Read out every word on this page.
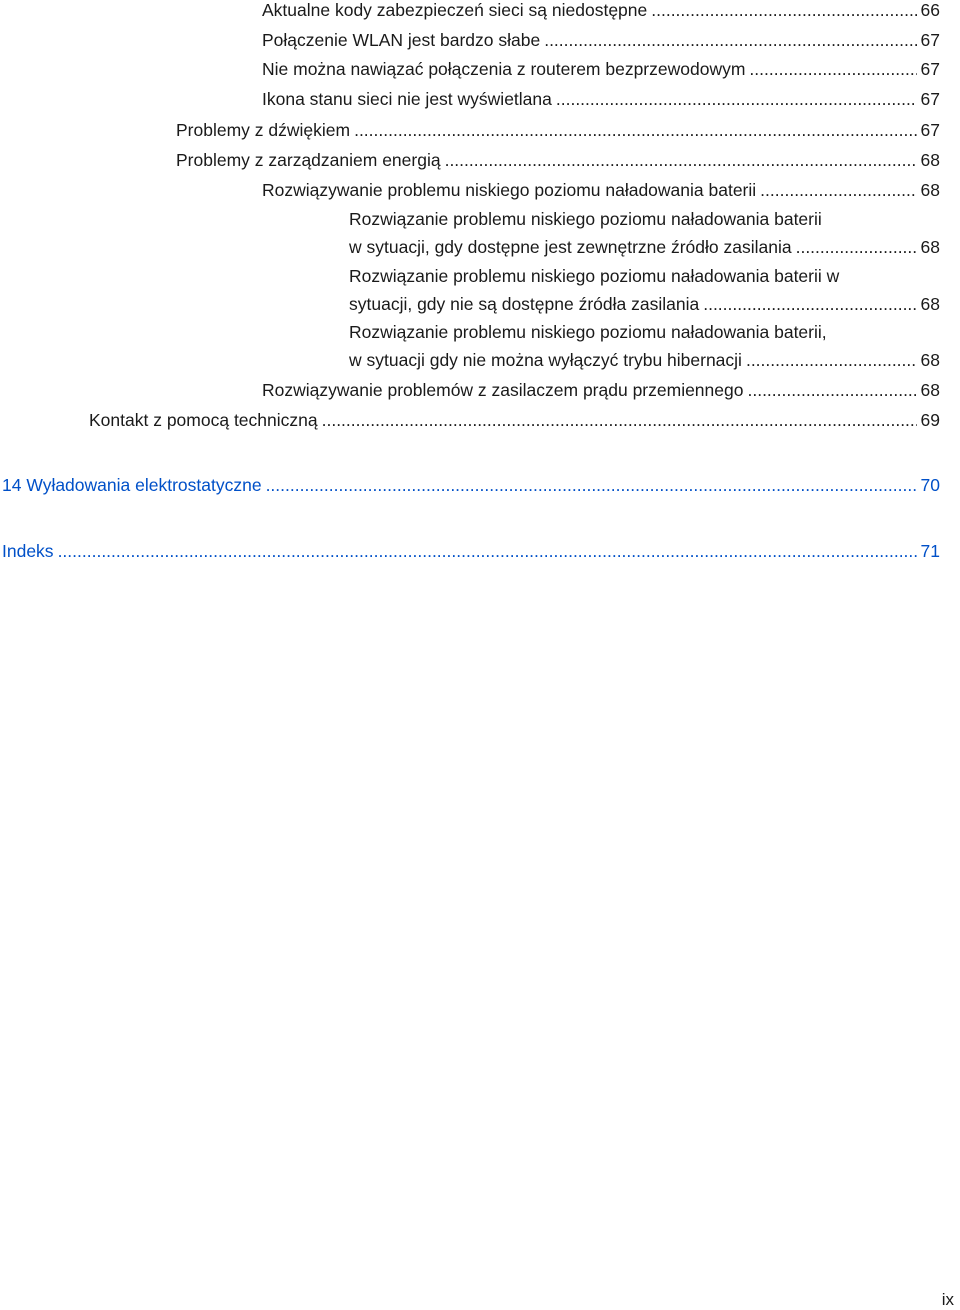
Aktualne kody zabezpieczeń sieci są niedostępne .....	66
Połączenie WLAN jest bardzo słabe .....	67
Nie można nawiązać połączenia z routerem bezprzewodowym .....	67
Ikona stanu sieci nie jest wyświetlana .....	67
Problemy z dźwiękiem .....	67
Problemy z zarządzaniem energią .....	68
Rozwiązywanie problemu niskiego poziomu naładowania baterii .....	68
Rozwiązanie problemu niskiego poziomu naładowania baterii
w sytuacji, gdy dostępne jest zewnętrzne źródło zasilania .....	68
Rozwiązanie problemu niskiego poziomu naładowania baterii w
sytuacji, gdy nie są dostępne źródła zasilania .....	68
Rozwiązanie problemu niskiego poziomu naładowania baterii,
w sytuacji gdy nie można wyłączyć trybu hibernacji .....	68
Rozwiązywanie problemów z zasilaczem prądu przemiennego .....	68
Kontakt z pomocą techniczną .....	69
14 Wyładowania elektrostatyczne .....	70
Indeks .....	71
ix
